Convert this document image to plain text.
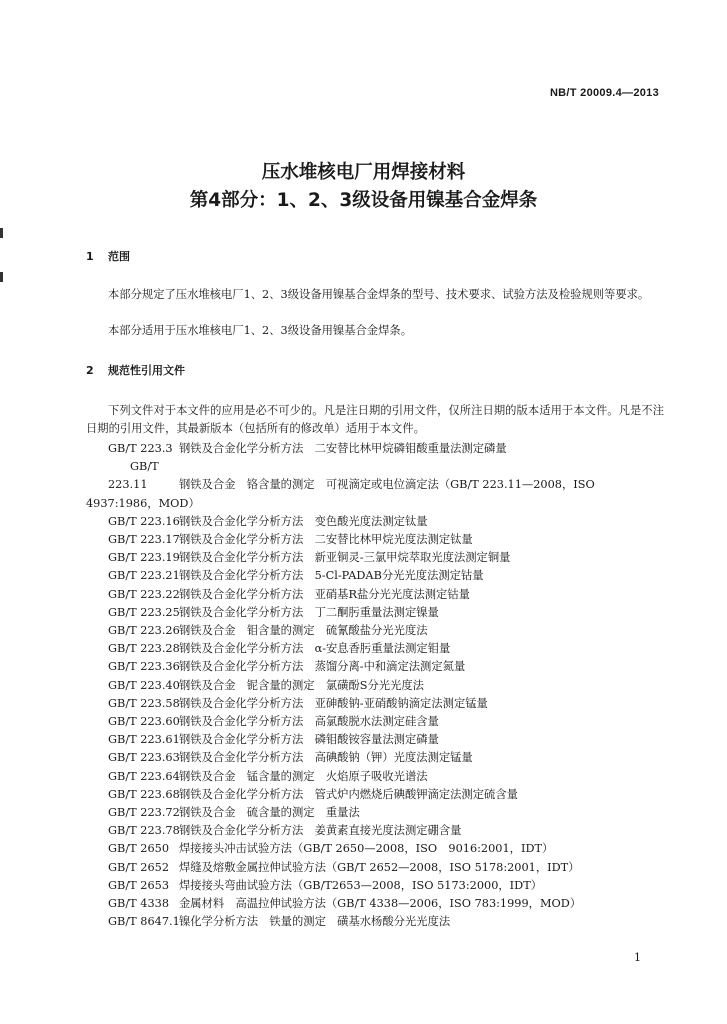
NB/T 20009.4—2013
压水堆核电厂用焊接材料
第4部分：1、2、3级设备用镍基合金焊条
1 范围
本部分规定了压水堆核电厂1、2、3级设备用镍基合金焊条的型号、技术要求、试验方法及检验规则等要求。
本部分适用于压水堆核电厂1、2、3级设备用镍基合金焊条。
2 规范性引用文件
下列文件对于本文件的应用是必不可少的。凡是注日期的引用文件，仅所注日期的版本适用于本文件。凡是不注日期的引用文件，其最新版本（包括所有的修改单）适用于本文件。
GB/T 223.3 钢铁及合金化学分析方法　二安替比林甲烷磷钼酸重量法测定磷量
GB/T 223.11	钢铁及合金　铬含量的测定　可视滴定或电位滴定法（GB/T 223.11—2008，ISO 4937:1986，MOD）
GB/T 223.16钢铁及合金化学分析方法　变色酸光度法测定钛量
GB/T 223.17钢铁及合金化学分析方法　二安替比林甲烷光度法测定钛量
GB/T 223.19钢铁及合金化学分析方法　新亚铜灵-三氯甲烷萃取光度法测定铜量
GB/T 223.21钢铁及合金化学分析方法　5-Cl-PADAB分光光度法测定钴量
GB/T 223.22钢铁及合金化学分析方法　亚硝基R盐分光光度法测定钴量
GB/T 223.25钢铁及合金化学分析方法　丁二酮肟重量法测定镍量
GB/T 223.26钢铁及合金　钼含量的测定　硫氰酸盐分光光度法
GB/T 223.28钢铁及合金化学分析方法　α-安息香肟重量法测定钼量
GB/T 223.36钢铁及合金化学分析方法　蒸馏分离-中和滴定法测定氮量
GB/T 223.40钢铁及合金　铌含量的测定　氯磺酚S分光光度法
GB/T 223.58钢铁及合金化学分析方法　亚砷酸钠-亚硝酸钠滴定法测定锰量
GB/T 223.60钢铁及合金化学分析方法　高氯酸脱水法测定硅含量
GB/T 223.61钢铁及合金化学分析方法　磷钼酸铵容量法测定磷量
GB/T 223.63钢铁及合金化学分析方法　高碘酸钠（钾）光度法测定锰量
GB/T 223.64钢铁及合金　锰含量的测定　火焰原子吸收光谱法
GB/T 223.68钢铁及合金化学分析方法　管式炉内燃烧后碘酸钾滴定法测定硫含量
GB/T 223.72钢铁及合金　硫含量的测定　重量法
GB/T 223.78钢铁及合金化学分析方法　姜黄素直接光度法测定硼含量
GB/T 2650 焊接接头冲击试验方法（GB/T 2650—2008，ISO　9016:2001，IDT）
GB/T 2652 焊缝及熔敷金属拉伸试验方法（GB/T 2652—2008，ISO 5178:2001，IDT）
GB/T 2653 焊接接头弯曲试验方法（GB/T2653—2008，ISO 5173:2000，IDT）
GB/T 4338 金属材料　高温拉伸试验方法（GB/T 4338—2006，ISO 783:1999，MOD）
GB/T 8647.1镍化学分析方法　铁量的测定　磺基水杨酸分光光度法
1
